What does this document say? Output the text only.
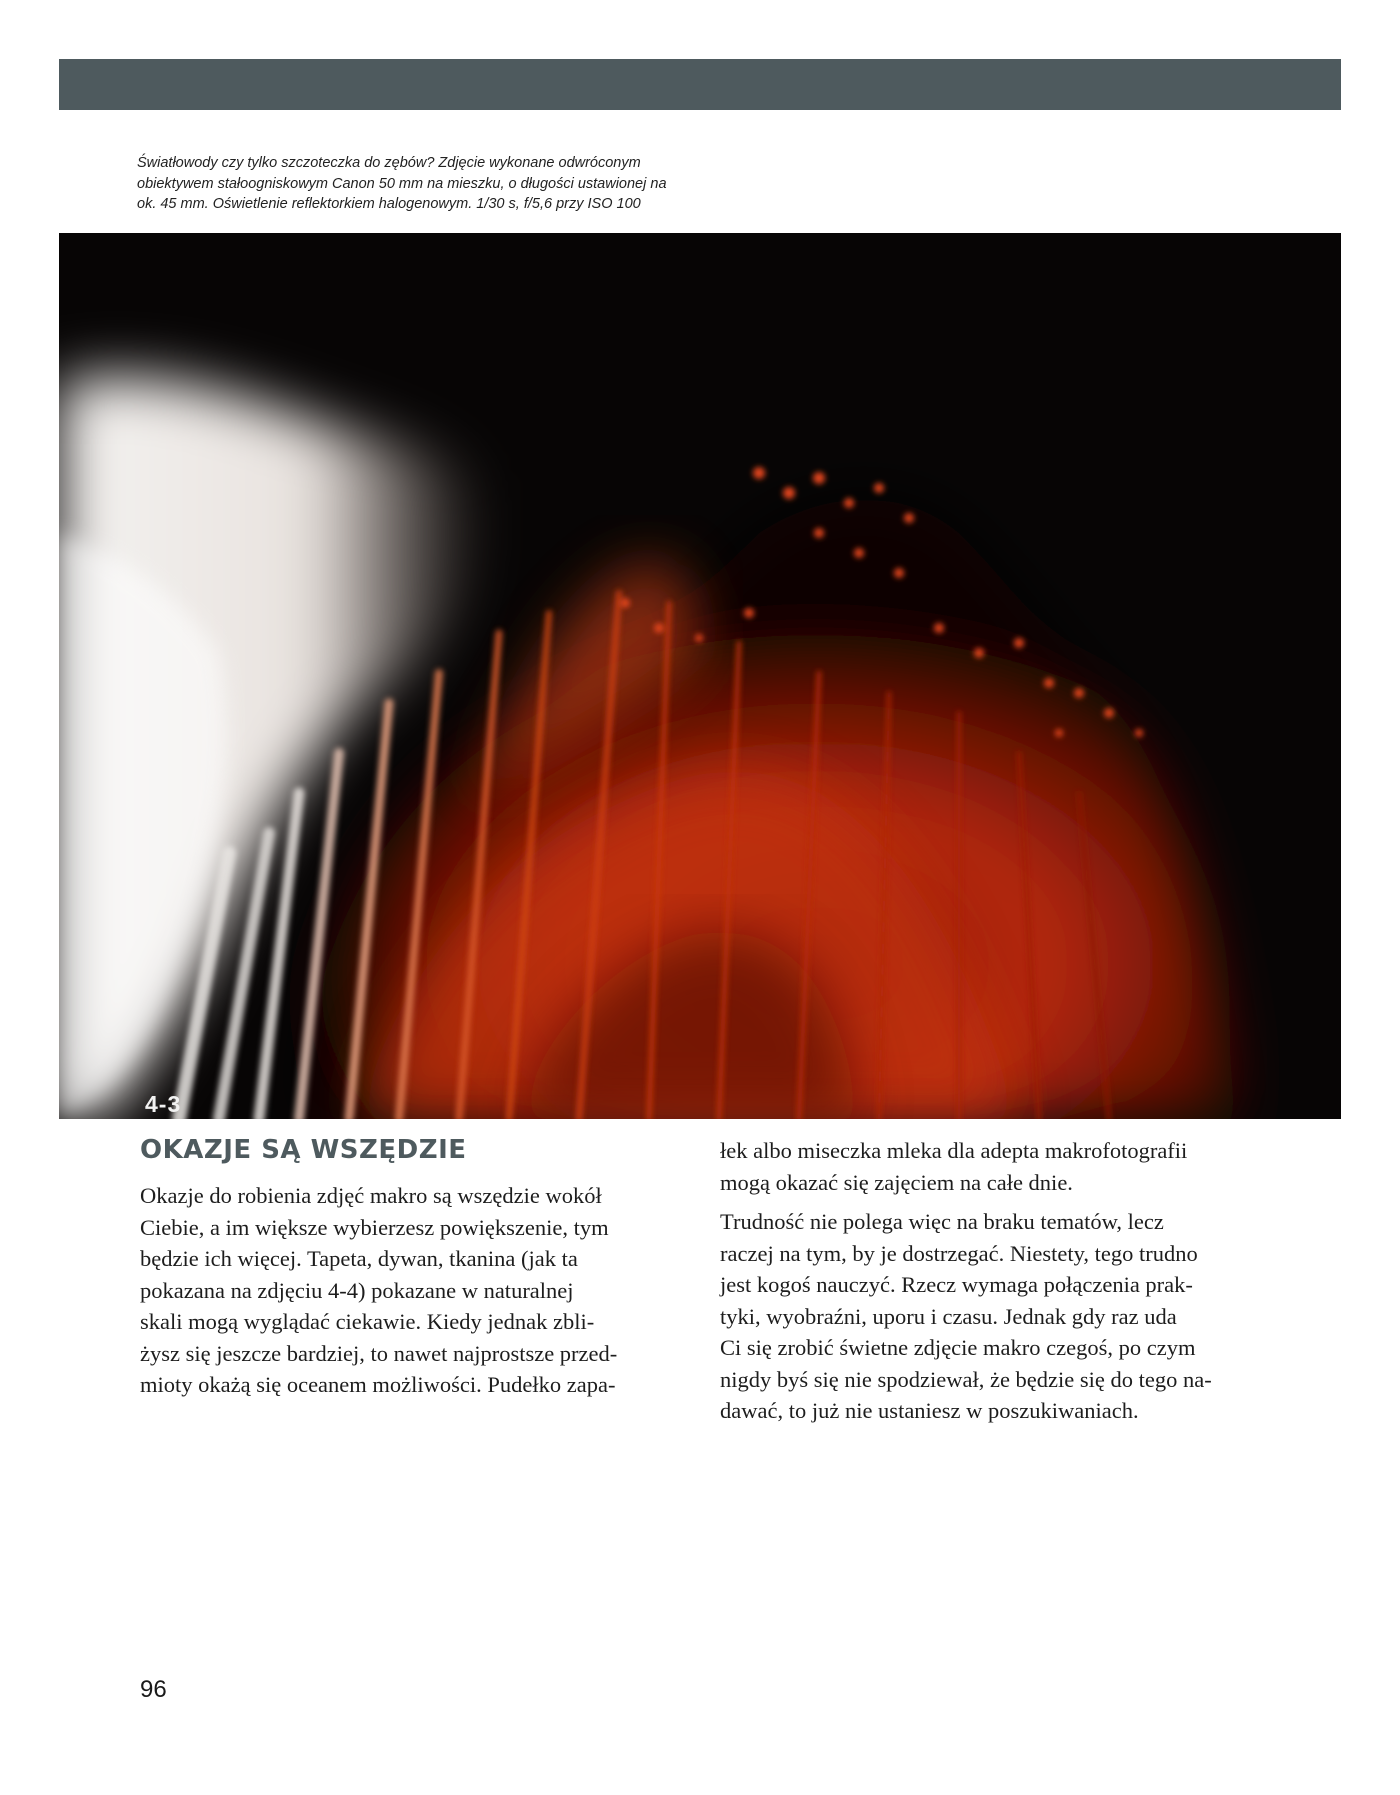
Światłowody czy tylko szczoteczka do zębów? Zdjęcie wykonane odwróconym
obiektywem stałoogniskowym Canon 50 mm na mieszku, o długości ustawionej na
ok. 45 mm. Oświetlenie reflektorkiem halogenowym. 1/30 s, f/5,6 przy ISO 100
4-3
OKAZJE SĄ WSZĘDZIE
Okazje do robienia zdjęć makro są wszędzie wokół
Ciebie, a im większe wybierzesz powiększenie, tym
będzie ich więcej. Tapeta, dywan, tkanina (jak ta
pokazana na zdjęciu 4-4) pokazane w naturalnej
skali mogą wyglądać ciekawie. Kiedy jednak zbli-
żysz się jeszcze bardziej, to nawet najprostsze przed-
mioty okażą się oceanem możliwości. Pudełko zapa-
łek albo miseczka mleka dla adepta makrofotografii
mogą okazać się zajęciem na całe dnie.
Trudność nie polega więc na braku tematów, lecz
raczej na tym, by je dostrzegać. Niestety, tego trudno
jest kogoś nauczyć. Rzecz wymaga połączenia prak-
tyki, wyobraźni, uporu i czasu. Jednak gdy raz uda
Ci się zrobić świetne zdjęcie makro czegoś, po czym
nigdy byś się nie spodziewał, że będzie się do tego na-
dawać, to już nie ustaniesz w poszukiwaniach.
96
